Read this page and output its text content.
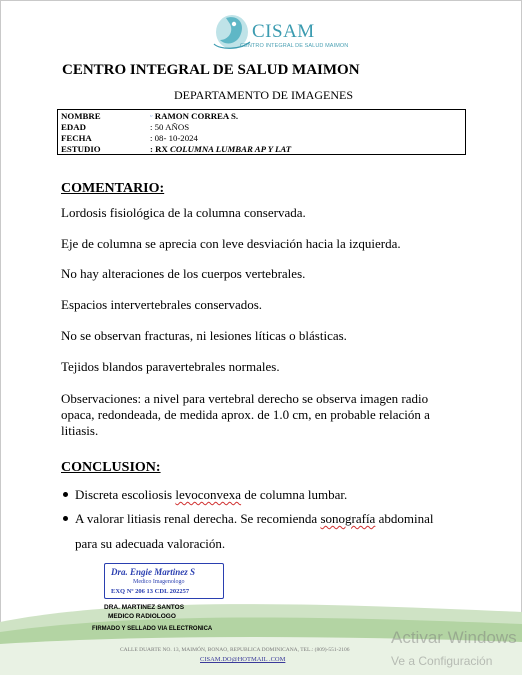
CISAM
CENTRO INTEGRAL DE SALUD MAIMON
CENTRO INTEGRAL DE SALUD MAIMON
DEPARTAMENTO DE IMAGENES
NOMBRE	ᵕ RAMON CORREA S.
EDAD	: 50 AÑOS
FECHA	: 08- 10-2024
ESTUDIO	: RX COLUMNA LUMBAR AP Y LAT
COMENTARIO:
Lordosis fisiológica de la columna conservada.
Eje de columna se aprecia con leve desviación hacia la izquierda.
No hay alteraciones de los cuerpos vertebrales.
Espacios intervertebrales conservados.
No se observan fracturas, ni lesiones líticas o blásticas.
Tejidos blandos paravertebrales normales.
Observaciones: a nivel para vertebral derecho se observa imagen radio opaca, redondeada, de medida aprox. de 1.0 cm, en probable relación a litiasis.
CONCLUSION:
Discreta escoliosis levoconvexa de columna lumbar.
A valorar litiasis renal derecha. Se recomienda sonografía abdominal para su adecuada valoración.
Dra. Engie Martinez S
Medico Imagenologo
EXQ Nº 206 13 CDL 202257
DRA. MARTINEZ SANTOS
MEDICO RADIOLOGO
FIRMADO Y SELLADO VIA ELECTRONICA
CALLE DUARTE NO. 13, MAIMÓN, BONAO, REPUBLICA DOMINICANA, TEL.: (809)-551-2106
CISAM.DO@HOTMAIL .COM
Activar Windows
Ve a Configuración
